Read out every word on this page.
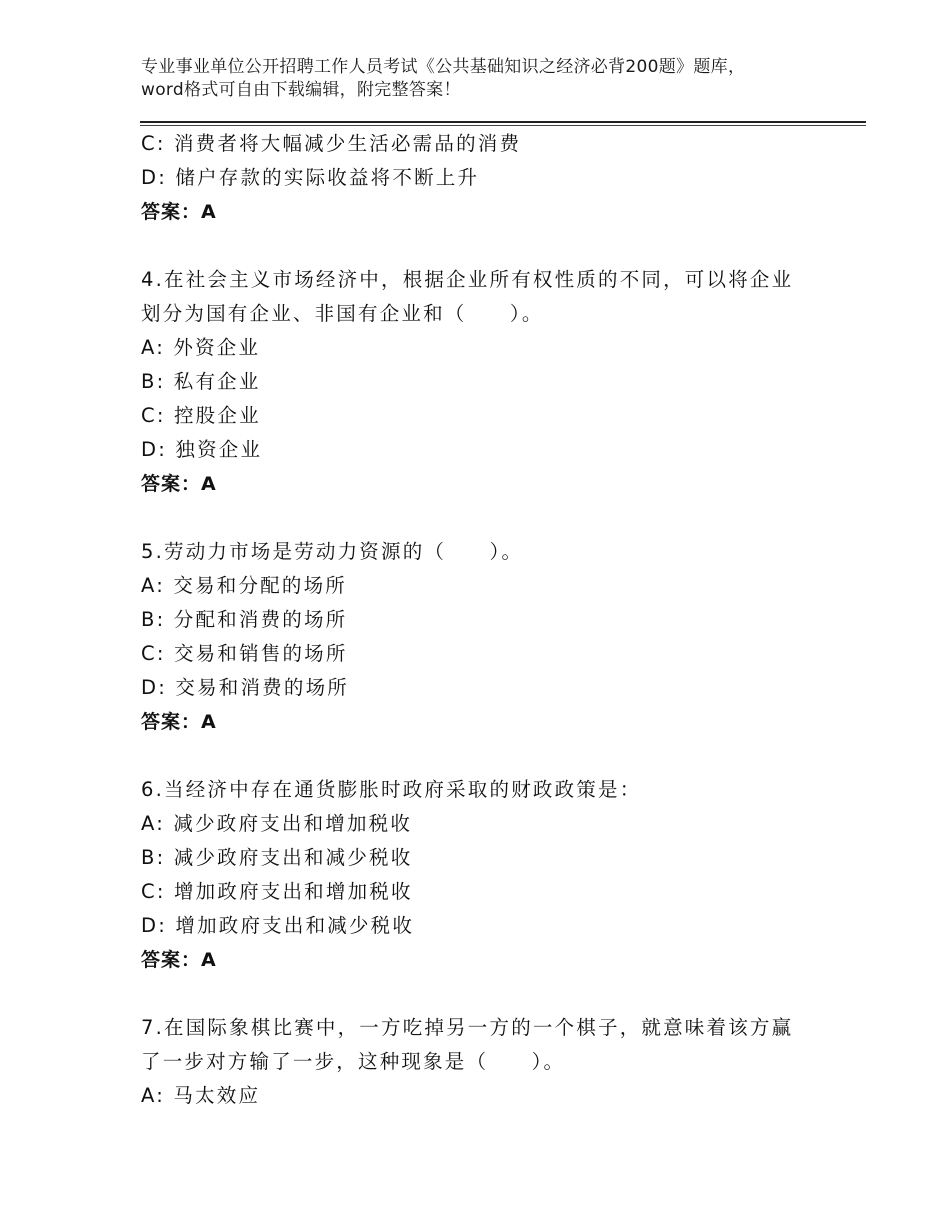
专业事业单位公开招聘工作人员考试《公共基础知识之经济必背200题》题库，word格式可自由下载编辑，附完整答案！
C: 消费者将大幅减少生活必需品的消费
D: 储户存款的实际收益将不断上升
答案：A
4.在社会主义市场经济中，根据企业所有权性质的不同，可以将企业划分为国有企业、非国有企业和（　　）。
A: 外资企业
B: 私有企业
C: 控股企业
D: 独资企业
答案：A
5.劳动力市场是劳动力资源的（　　）。
A: 交易和分配的场所
B: 分配和消费的场所
C: 交易和销售的场所
D: 交易和消费的场所
答案：A
6.当经济中存在通货膨胀时政府采取的财政政策是：
A: 减少政府支出和增加税收
B: 减少政府支出和减少税收
C: 增加政府支出和增加税收
D: 增加政府支出和减少税收
答案：A
7.在国际象棋比赛中，一方吃掉另一方的一个棋子，就意味着该方赢了一步对方输了一步，这种现象是（　　）。
A: 马太效应
